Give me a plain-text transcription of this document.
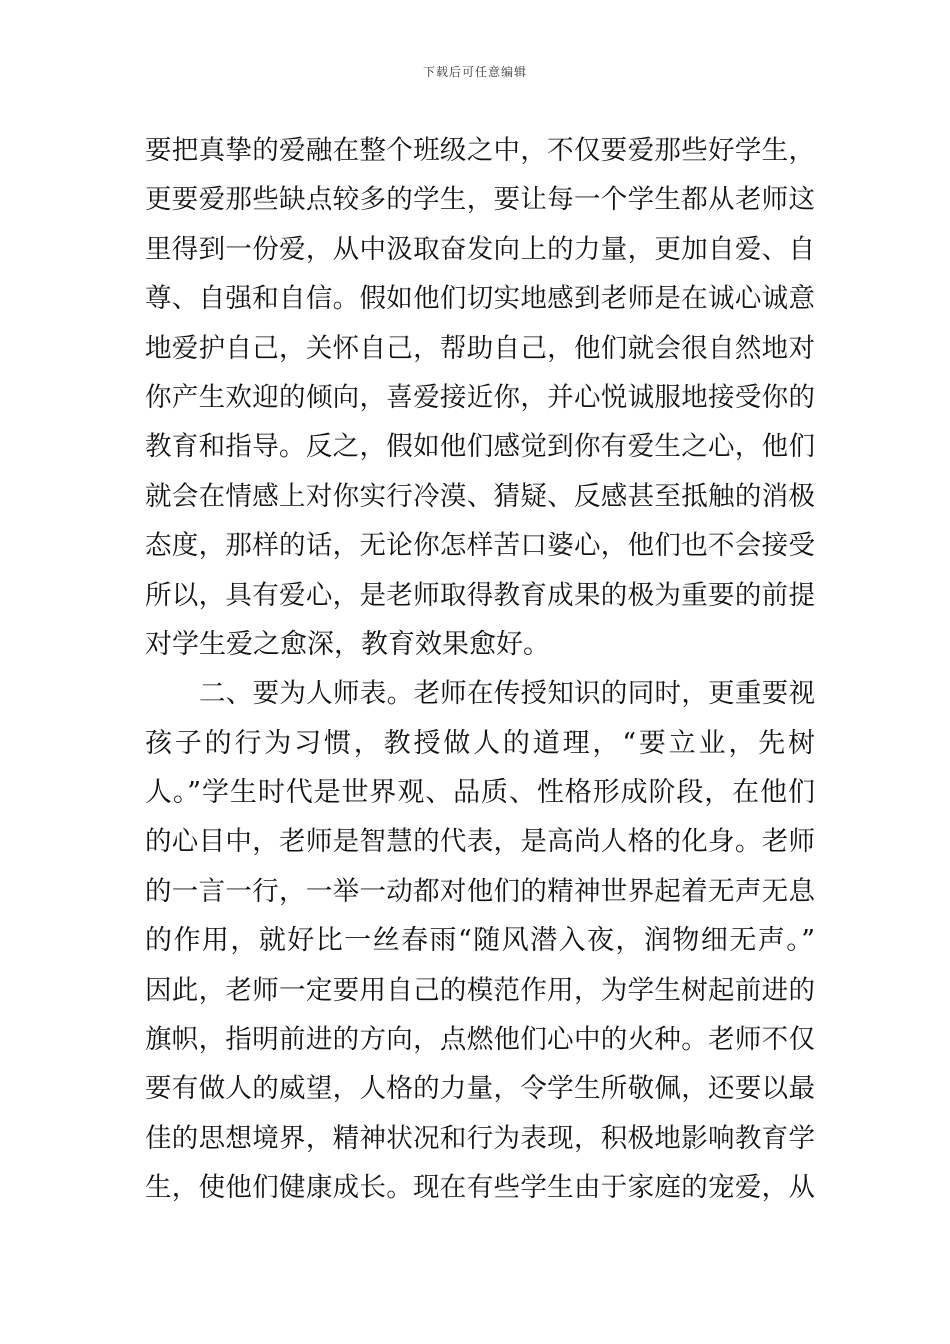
下载后可任意编辑
要把真挚的爱融在整个班级之中，不仅要爱那些好学生，
更要爱那些缺点较多的学生，要让每一个学生都从老师这
里得到一份爱，从中汲取奋发向上的力量，更加自爱、自
尊、自强和自信。假如他们切实地感到老师是在诚心诚意
地爱护自己，关怀自己，帮助自己，他们就会很自然地对
你产生欢迎的倾向，喜爱接近你，并心悦诚服地接受你的
教育和指导。反之，假如他们感觉到你有爱生之心，他们
就会在情感上对你实行冷漠、猜疑、反感甚至抵触的消极
态度，那样的话，无论你怎样苦口婆心，他们也不会接受
所以，具有爱心，是老师取得教育成果的极为重要的前提
对学生爱之愈深，教育效果愈好。
二、要为人师表。老师在传授知识的同时，更重要视
孩子的行为习惯，教授做人的道理，“要立业，先树
人。”学生时代是世界观、品质、性格形成阶段，在他们
的心目中，老师是智慧的代表，是高尚人格的化身。老师
的一言一行，一举一动都对他们的精神世界起着无声无息
的作用，就好比一丝春雨“随风潜入夜，润物细无声。”
因此，老师一定要用自己的模范作用，为学生树起前进的
旗帜，指明前进的方向，点燃他们心中的火种。老师不仅
要有做人的威望，人格的力量，令学生所敬佩，还要以最
佳的思想境界，精神状况和行为表现，积极地影响教育学
生，使他们健康成长。现在有些学生由于家庭的宠爱，从
